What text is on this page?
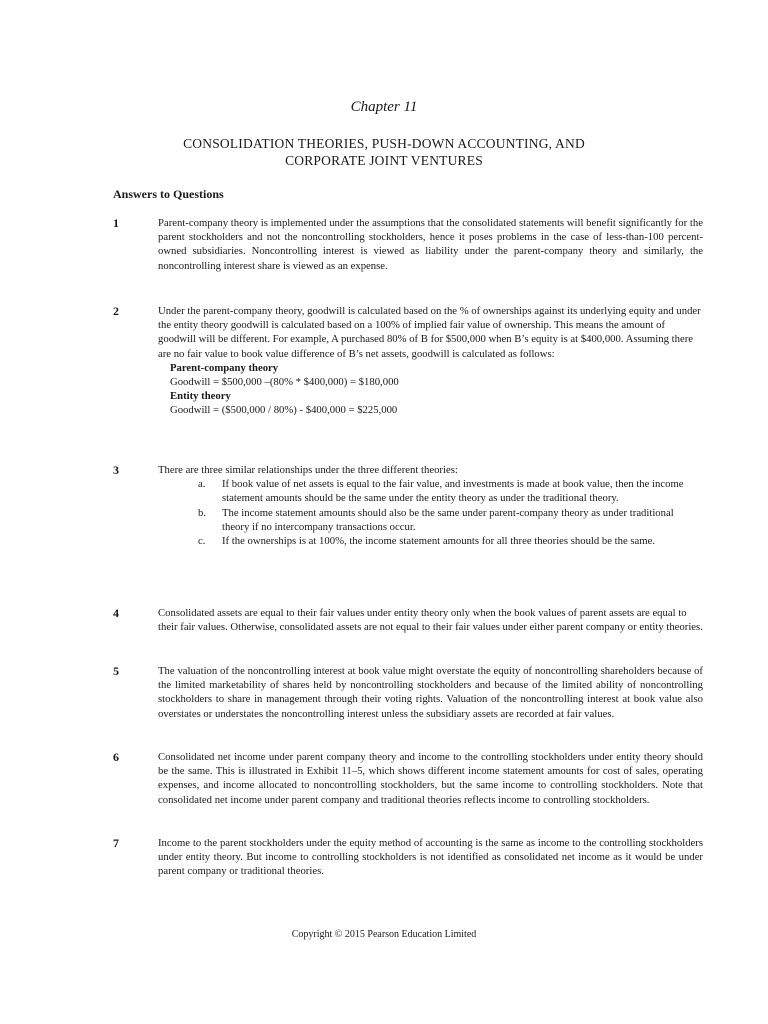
Chapter 11
CONSOLIDATION THEORIES, PUSH-DOWN ACCOUNTING, AND
CORPORATE JOINT VENTURES
Answers to Questions
1	Parent-company theory is implemented under the assumptions that the consolidated statements will benefit significantly for the parent stockholders and not the noncontrolling stockholders, hence it poses problems in the case of less-than-100 percent-owned subsidiaries. Noncontrolling interest is viewed as liability under the parent-company theory and similarly, the noncontrolling interest share is viewed as an expense.

2	Under the parent-company theory, goodwill is calculated based on the % of ownerships against its underlying equity and under the entity theory goodwill is calculated based on a 100% of implied fair value of ownership. This means the amount of goodwill will be different. For example, A purchased 80% of B for $500,000 when B’s equity is at $400,000. Assuming there are no fair value to book value difference of B’s net assets, goodwill is calculated as follows:

Parent-company theory
Goodwill = $500,000 –(80% * $400,000) = $180,000
Entity theory
Goodwill = ($500,000 / 80%) - $400,000 = $225,000
3	There are three similar relationships under the three different theories:

a. If book value of net assets is equal to the fair value, and investments is made at book value, then the income statement amounts should be the same under the entity theory as under the traditional theory.
b. The income statement amounts should also be the same under parent-company theory as under traditional theory if no intercompany transactions occur.
c. If the ownerships is at 100%, the income statement amounts for all three theories should be the same.
4	Consolidated assets are equal to their fair values under entity theory only when the book values of parent assets are equal to their fair values. Otherwise, consolidated assets are not equal to their fair values under either parent company or entity theories.

5	The valuation of the noncontrolling interest at book value might overstate the equity of noncontrolling shareholders because of the limited marketability of shares held by noncontrolling stockholders and because of the limited ability of noncontrolling stockholders to share in management through their voting rights. Valuation of the noncontrolling interest at book value also overstates or understates the noncontrolling interest unless the subsidiary assets are recorded at fair values.

6	Consolidated net income under parent company theory and income to the controlling stockholders under entity theory should be the same. This is illustrated in Exhibit 11–5, which shows different income statement amounts for cost of sales, operating expenses, and income allocated to noncontrolling stockholders, but the same income to controlling stockholders. Note that consolidated net income under parent company and traditional theories reflects income to controlling stockholders.

7	Income to the parent stockholders under the equity method of accounting is the same as income to the controlling stockholders under entity theory. But income to controlling stockholders is not identified as consolidated net income as it would be under parent company or traditional theories.

Copyright © 2015 Pearson Education Limited
